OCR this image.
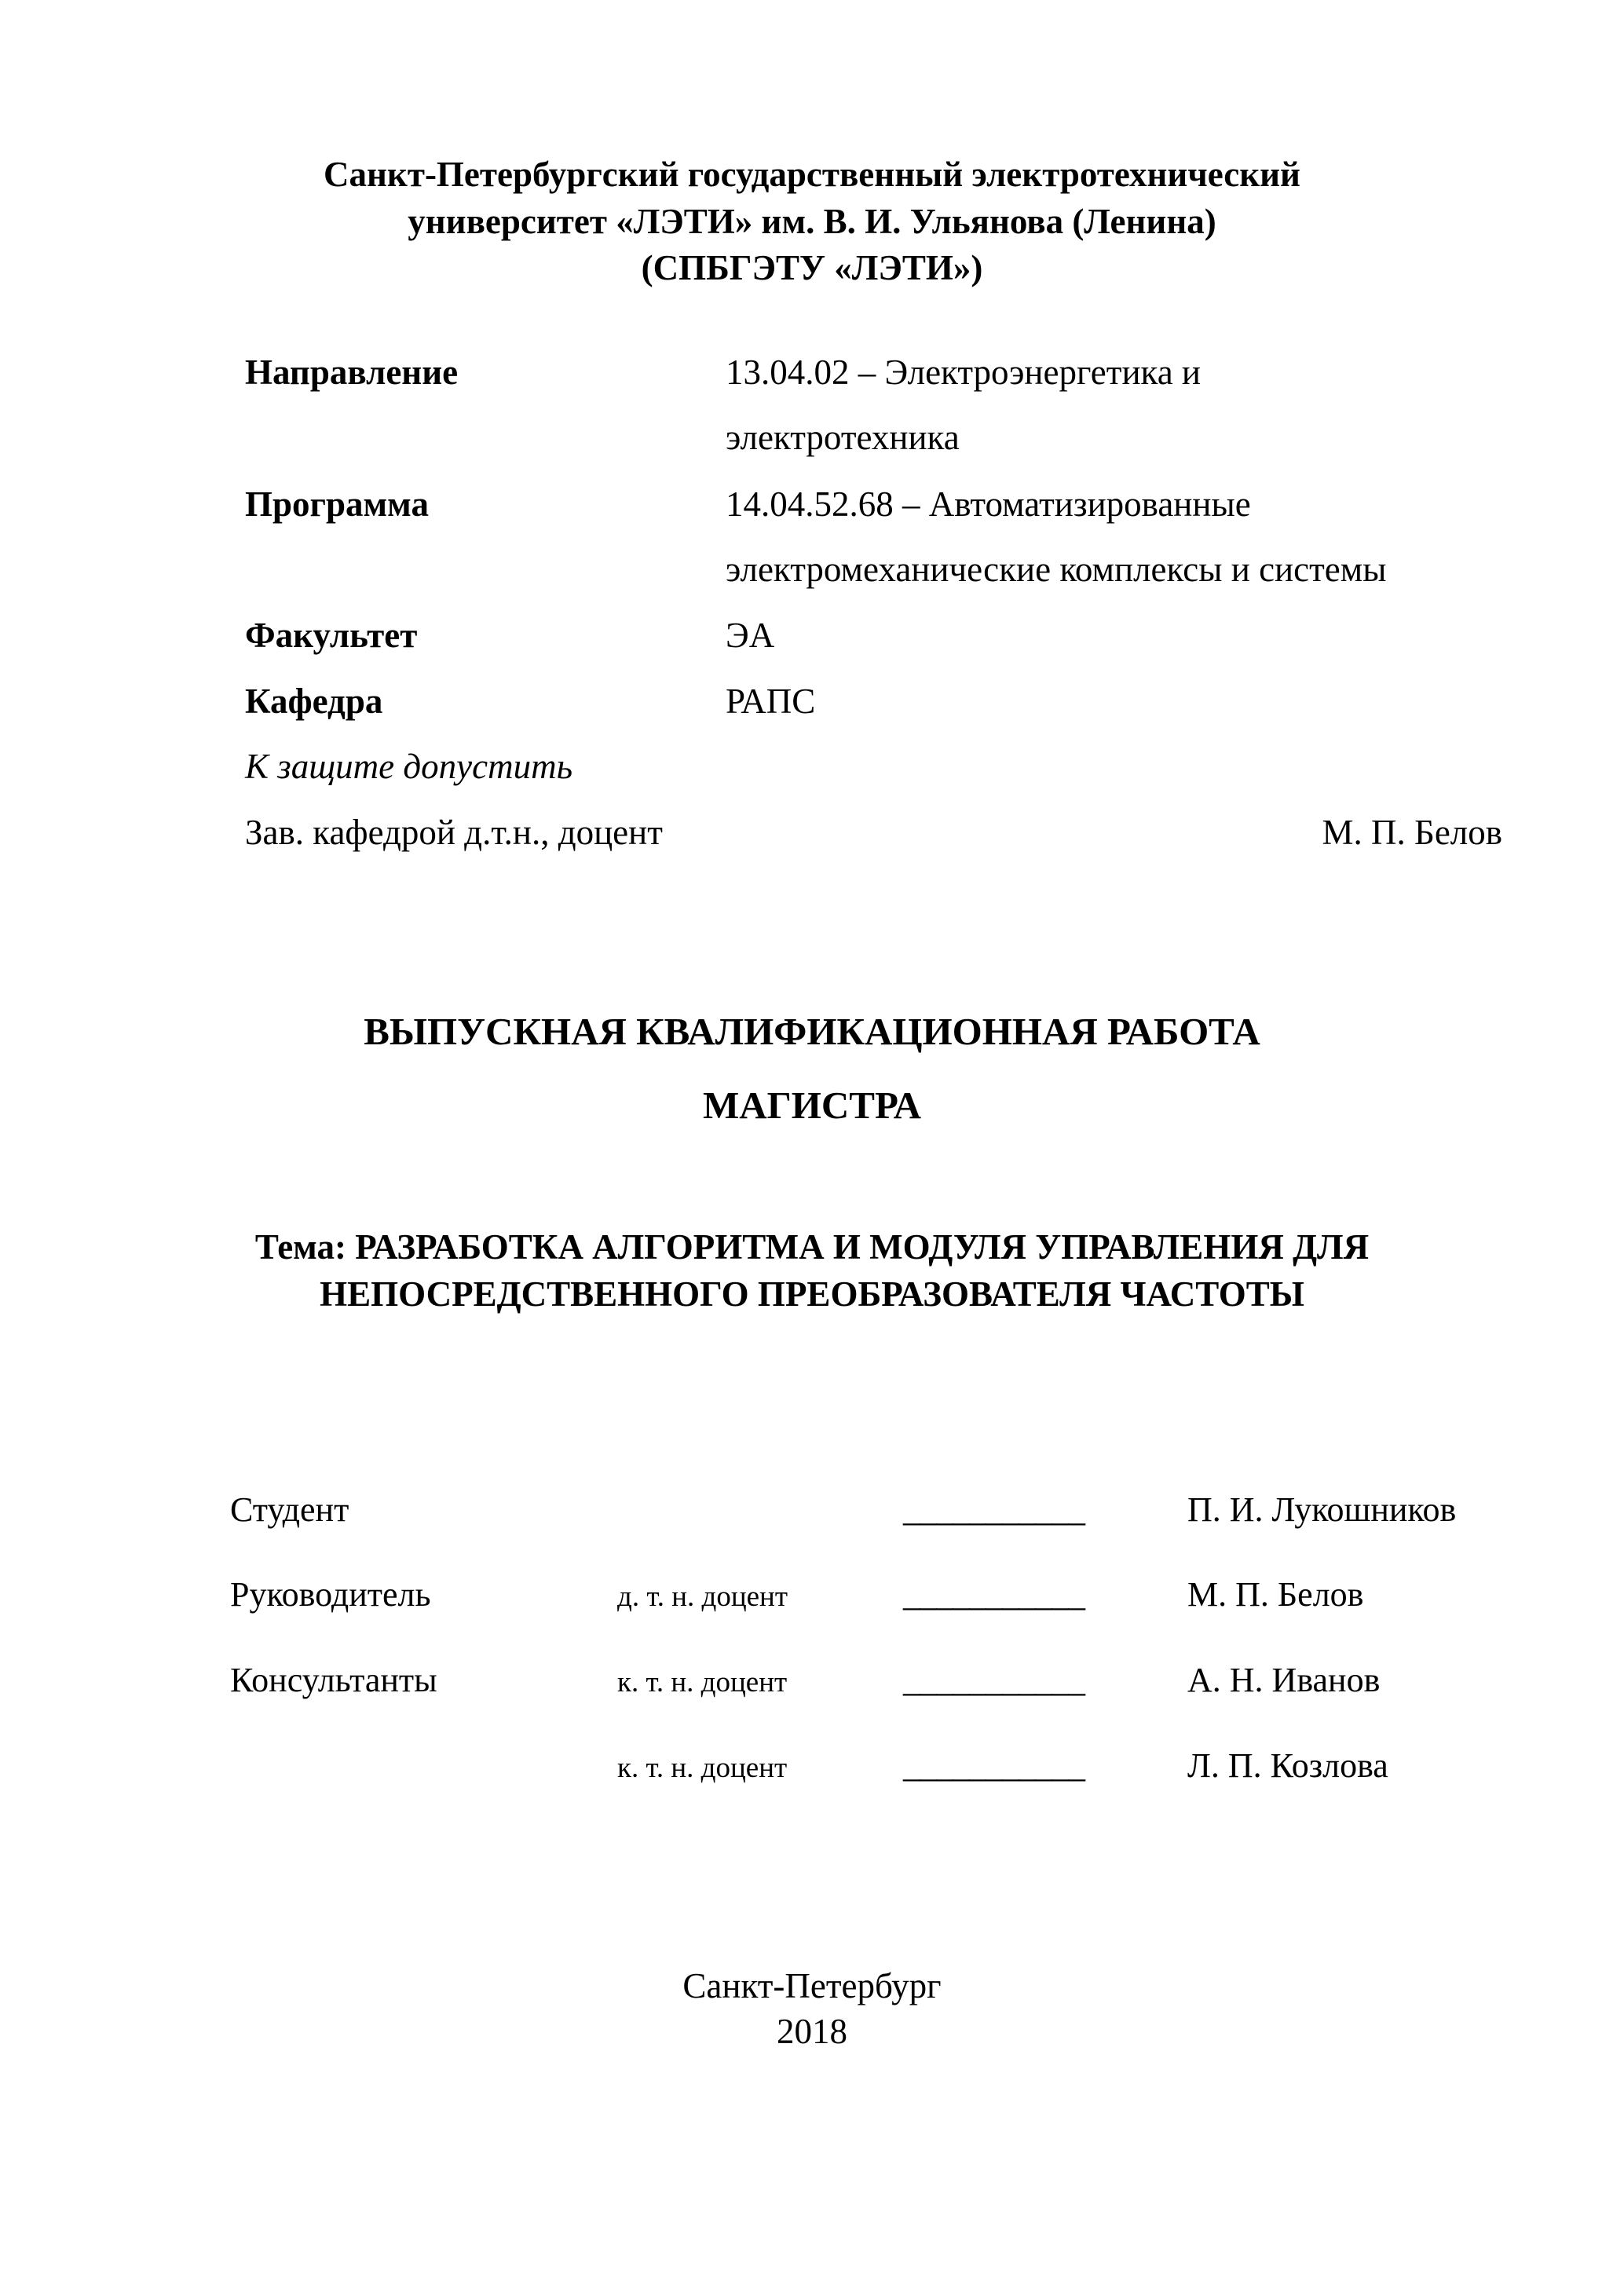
Санкт-Петербургский государственный электротехнический
университет «ЛЭТИ» им. В. И. Ульянова (Ленина)
(СПБГЭТУ «ЛЭТИ»)
Направление	13.04.02 – Электроэнергетика и
электротехника
Программа	14.04.52.68 – Автоматизированные
электромеханические комплексы и системы
Факультет	ЭА
Кафедра	РАПС
К защите допустить
Зав. кафедрой д.т.н., доцент	М. П. Белов
ВЫПУСКНАЯ КВАЛИФИКАЦИОННАЯ РАБОТА
МАГИСТРА
Тема: РАЗРАБОТКА АЛГОРИТМА И МОДУЛЯ УПРАВЛЕНИЯ ДЛЯ
НЕПОСРЕДСТВЕННОГО ПРЕОБРАЗОВАТЕЛЯ ЧАСТОТЫ
Студент	___________	П. И. Лукошников
Руководитель	д. т. н. доцент	___________	М. П. Белов
Консультанты	к. т. н. доцент	___________	А. Н. Иванов
к. т. н. доцент	___________	Л. П. Козлова
Санкт-Петербург
2018
